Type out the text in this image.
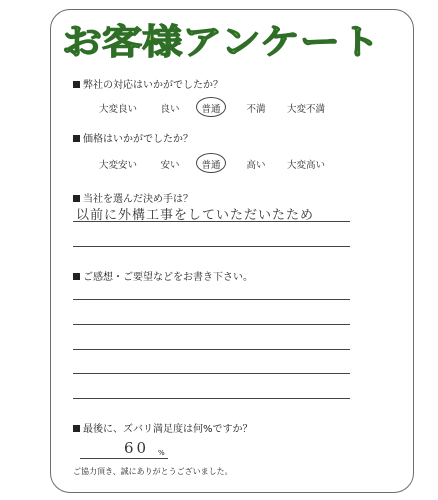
お客様アンケート
弊社の対応はいかがでしたか？
大変良い 良い 普通	不満 大変不満
価格はいかがでしたか？
大変安い 安い 普通	高い 大変高い
当社を選んだ決め手は？
以前に外構工事をしていただいたため
ご感想・ご要望などをお書き下さい。
最後に、ズバリ満足度は何%ですか？
60 %
ご協力頂き、誠にありがとうございました。
